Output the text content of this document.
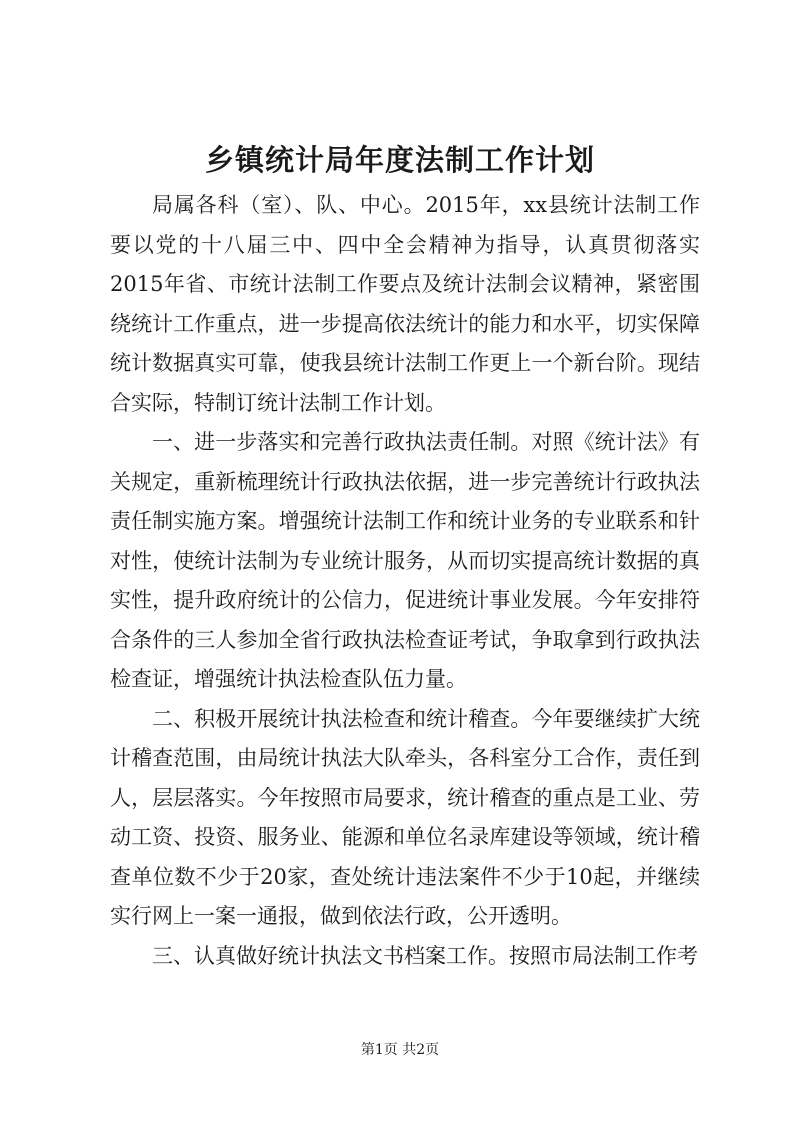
乡镇统计局年度法制工作计划

局属各科（室）、队、中心。2015年，xx县统计法制工作要以党的十八届三中、四中全会精神为指导，认真贯彻落实2015年省、市统计法制工作要点及统计法制会议精神，紧密围绕统计工作重点，进一步提高依法统计的能力和水平，切实保障统计数据真实可靠，使我县统计法制工作更上一个新台阶。现结合实际，特制订统计法制工作计划。

一、进一步落实和完善行政执法责任制。对照《统计法》有关规定，重新梳理统计行政执法依据，进一步完善统计行政执法责任制实施方案。增强统计法制工作和统计业务的专业联系和针对性，使统计法制为专业统计服务，从而切实提高统计数据的真实性，提升政府统计的公信力，促进统计事业发展。今年安排符合条件的三人参加全省行政执法检查证考试，争取拿到行政执法检查证，增强统计执法检查队伍力量。

二、积极开展统计执法检查和统计稽查。今年要继续扩大统计稽查范围，由局统计执法大队牵头，各科室分工合作，责任到人，层层落实。今年按照市局要求，统计稽查的重点是工业、劳动工资、投资、服务业、能源和单位名录库建设等领域，统计稽查单位数不少于20家，查处统计违法案件不少于10起，并继续实行网上一案一通报，做到依法行政，公开透明。

三、认真做好统计执法文书档案工作。按照市局法制工作考

第1页 共2页
